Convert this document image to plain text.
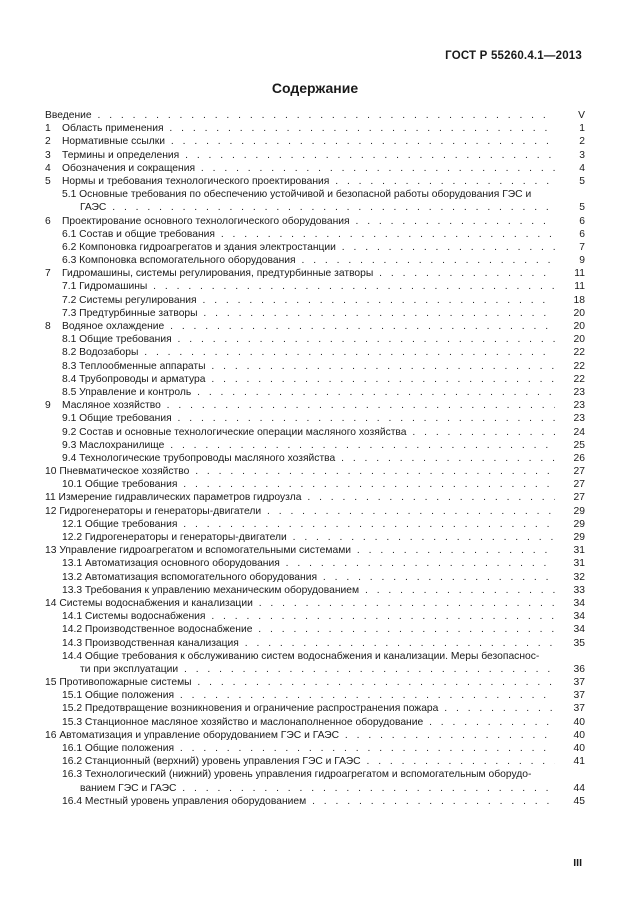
ГОСТ Р 55260.4.1—2013
Содержание
Введение . . .	V
1 Область применения . . .	1
2 Нормативные ссылки . . .	2
3 Термины и определения . . .	3
4 Обозначения и сокращения . . .	4
5 Нормы и требования технологического проектирования . . .	5
5.1 Основные требования по обеспечению устойчивой и безопасной работы оборудования ГЭС и
ГАЭС . . .	5
6 Проектирование основного технологического оборудования . . .	6
6.1 Состав и общие требования . . .	6
6.2 Компоновка гидроагрегатов и здания электростанции . . .	7
6.3 Компоновка вспомогательного оборудования . . .	9
7 Гидромашины, системы регулирования, предтурбинные затворы . . .	11
7.1 Гидромашины . . .	11
7.2 Системы регулирования . . .	18
7.3 Предтурбинные затворы . . .	20
8 Водяное охлаждение . . .	20
8.1 Общие требования . . .	20
8.2 Водозаборы . . .	22
8.3 Теплообменные аппараты . . .	22
8.4 Трубопроводы и арматура . . .	22
8.5 Управление и контроль . . .	23
9 Масляное хозяйство . . .	23
9.1 Общие требования . . .	23
9.2 Состав и основные технологические операции масляного хозяйства . . .	24
9.3 Маслохранилище . . .	25
9.4 Технологические трубопроводы масляного хозяйства . . .	26
10 Пневматическое хозяйство . . .	27
10.1 Общие требования . . .	27
11 Измерение гидравлических параметров гидроузла . . .	27
12 Гидрогенераторы и генераторы-двигатели . . .	29
12.1 Общие требования . . .	29
12.2 Гидрогенераторы и генераторы-двигатели . . .	29
13 Управление гидроагрегатом и вспомогательными системами . . .	31
13.1 Автоматизация основного оборудования . . .	31
13.2 Автоматизация вспомогательного оборудования . . .	32
13.3 Требования к управлению механическим оборудованием . . .	33
14 Системы водоснабжения и канализации . . .	34
14.1 Системы водоснабжения . . .	34
14.2 Производственное водоснабжение . . .	34
14.3 Производственная канализация . . .	35
14.4 Общие требования к обслуживанию систем водоснабжения и канализации. Меры безопаснос-
ти при эксплуатации . . .	36
15 Противопожарные системы . . .	37
15.1 Общие положения . . .	37
15.2 Предотвращение возникновения и ограничение распространения пожара . . .	37
15.3 Станционное масляное хозяйство и маслонаполненное оборудование . . .	40
16 Автоматизация и управление оборудованием ГЭС и ГАЭС . . .	40
16.1 Общие положения . . .	40
16.2 Станционный (верхний) уровень управления ГЭС и ГАЭС . . .	41
16.3 Технологический (нижний) уровень управления гидроагрегатом и вспомогательным оборудо-
ванием ГЭС и ГАЭС . . .	44
16.4 Местный уровень управления оборудованием . . .	45
III
